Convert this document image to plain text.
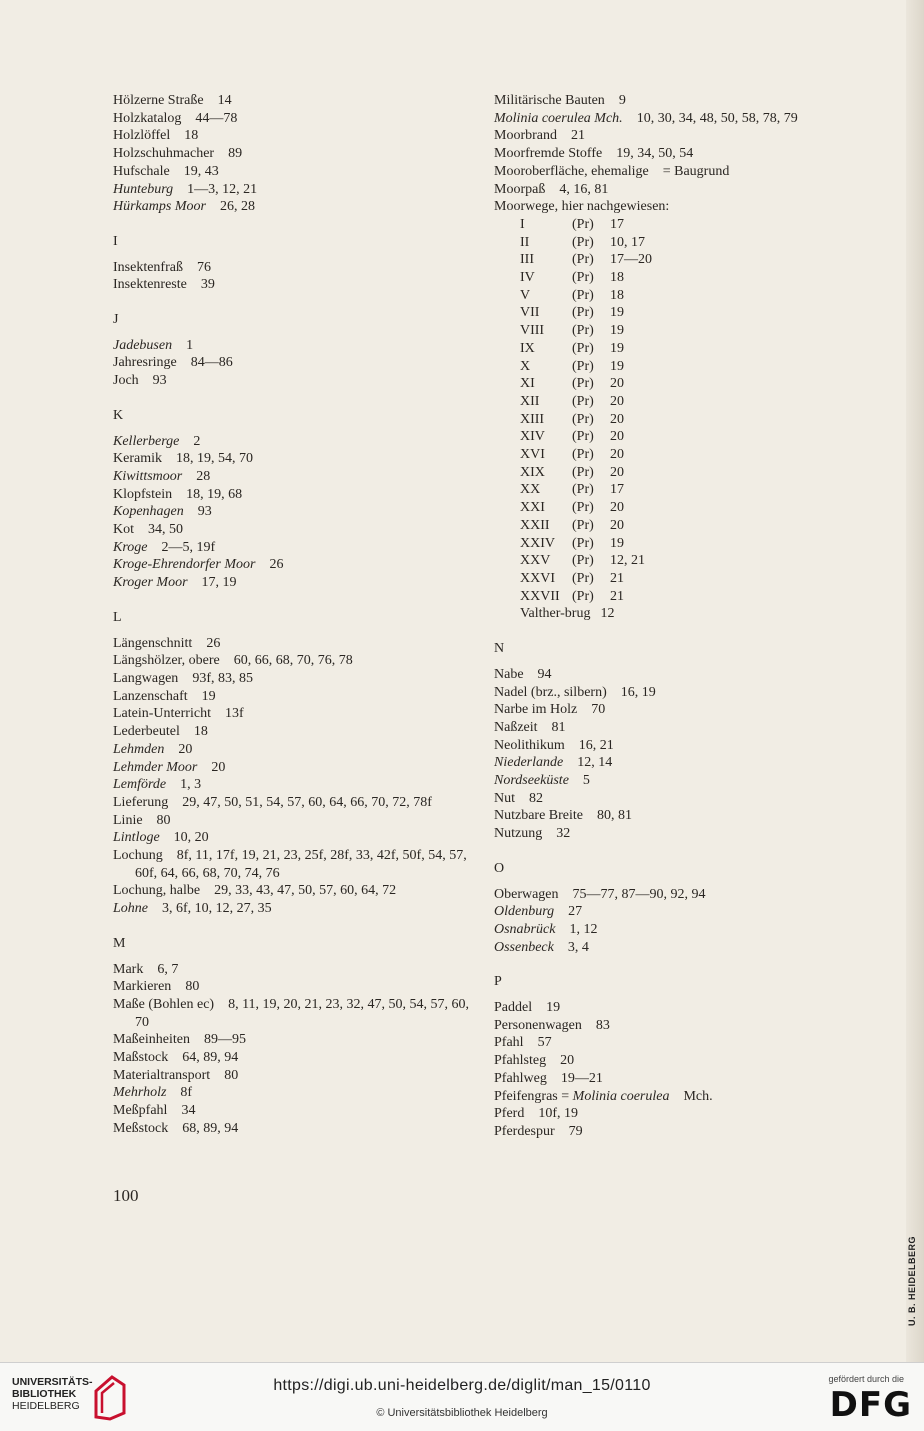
Hölzerne Straße  14
Holzkatalog  44—78
Holzlöffel  18
Holzschuhmacher  89
Hufschale  19, 43
Hunteburg  1—3, 12, 21
Hürkamps Moor  26, 28
I
Insektenfraß  76
Insektenreste  39
J
Jadebusen  1
Jahresringe  84—86
Joch  93
K
Kellerberge  2
Keramik  18, 19, 54, 70
Kiwittsmoor  28
Klopfstein  18, 19, 68
Kopenhagen  93
Kot  34, 50
Kroge  2—5, 19f
Kroge-Ehrendorfer Moor  26
Kroger Moor  17, 19
L
Längenschnitt  26
Längshölzer, obere  60, 66, 68, 70, 76, 78
Langwagen  93f, 83, 85
Lanzenschaft  19
Latein-Unterricht  13f
Lederbeutel  18
Lehmden  20
Lehmder Moor  20
Lemförde  1, 3
Lieferung  29, 47, 50, 51, 54, 57, 60, 64, 66, 70, 72, 78f
Linie  80
Lintloge  10, 20
Lochung  8f, 11, 17f, 19, 21, 23, 25f, 28f, 33, 42f, 50f, 54, 57, 60f, 64, 66, 68, 70, 74, 76
Lochung, halbe  29, 33, 43, 47, 50, 57, 60, 64, 72
Lohne  3, 6f, 10, 12, 27, 35
M
Mark  6, 7
Markieren  80
Maße (Bohlen ec)  8, 11, 19, 20, 21, 23, 32, 47, 50, 54, 57, 60, 70
Maßeinheiten  89—95
Maßstock  64, 89, 94
Materialtransport  80
Mehrholz  8f
Meßpfahl  34
Meßstock  68, 89, 94
Militärische Bauten  9
Molinia coerulea Mch.  10, 30, 34, 48, 50, 58, 78, 79
Moorbrand  21
Moorfremde Stoffe  19, 34, 50, 54
Mooroberfläche, ehemalige  = Baugrund
Moorpaß  4, 16, 81
Moorwege, hier nachgewiesen:
I	(Pr)	17
II	(Pr)	10, 17
III	(Pr)	17—20
IV	(Pr)	18
V	(Pr)	18
VII	(Pr)	19
VIII	(Pr)	19
IX	(Pr)	19
X	(Pr)	19
XI	(Pr)	20
XII	(Pr)	20
XIII	(Pr)	20
XIV	(Pr)	20
XVI	(Pr)	20
XIX	(Pr)	20
XX	(Pr)	17
XXI	(Pr)	20
XXII	(Pr)	20
XXIV	(Pr)	19
XXV	(Pr)	12, 21
XXVI	(Pr)	21
XXVII (Pr)	21
Valther-brug 12
N
Nabe  94
Nadel (brz., silbern)  16, 19
Narbe im Holz  70
Naßzeit  81
Neolithikum  16, 21
Niederlande  12, 14
Nordseeküste  5
Nut  82
Nutzbare Breite  80, 81
Nutzung  32
O
Oberwagen  75—77, 87—90, 92, 94
Oldenburg  27
Osnabrück  1, 12
Ossenbeck  3, 4
P
Paddel  19
Personenwagen  83
Pfahl  57
Pfahlsteg  20
Pfahlweg  19—21
Pfeifengras = Molinia coerulea  Mch.
Pferd  10f, 19
Pferdespur  79
100
U. B. HEIDELBERG
UNIVERSITÄTS-
BIBLIOTHEK
HEIDELBERG
https://digi.ub.uni-heidelberg.de/diglit/man_15/0110
© Universitätsbibliothek Heidelberg
gefördert durch die
DFG
